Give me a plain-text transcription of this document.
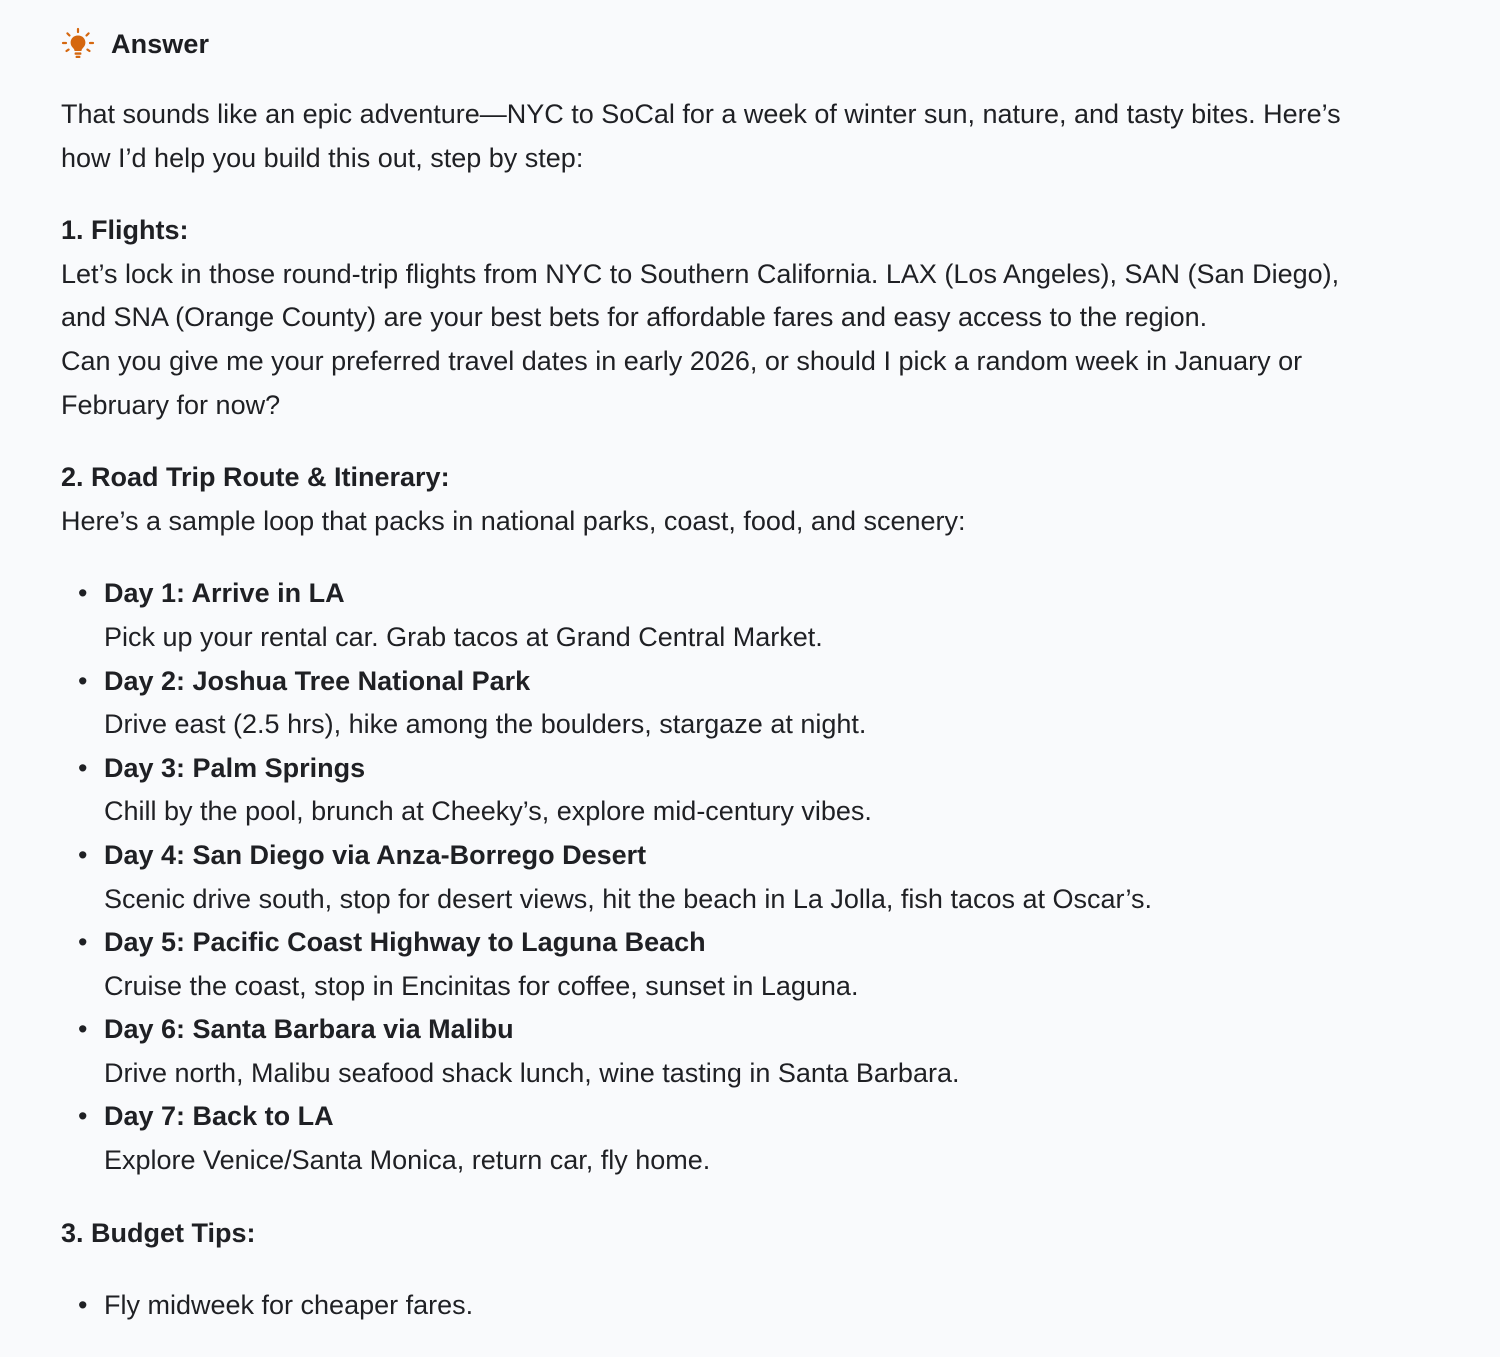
Answer

That sounds like an epic adventure—NYC to SoCal for a week of winter sun, nature, and tasty bites. Here’s
how I’d help you build this out, step by step:

1. Flights:
Let’s lock in those round-trip flights from NYC to Southern California. LAX (Los Angeles), SAN (San Diego),
and SNA (Orange County) are your best bets for affordable fares and easy access to the region.
Can you give me your preferred travel dates in early 2026, or should I pick a random week in January or
February for now?
2. Road Trip Route & Itinerary:
Here’s a sample loop that packs in national parks, coast, food, and scenery:
• Day 1: Arrive in LA
Pick up your rental car. Grab tacos at Grand Central Market.
• Day 2: Joshua Tree National Park
Drive east (2.5 hrs), hike among the boulders, stargaze at night.
• Day 3: Palm Springs
Chill by the pool, brunch at Cheeky’s, explore mid-century vibes.
• Day 4: San Diego via Anza-Borrego Desert
Scenic drive south, stop for desert views, hit the beach in La Jolla, fish tacos at Oscar’s.
• Day 5: Pacific Coast Highway to Laguna Beach
Cruise the coast, stop in Encinitas for coffee, sunset in Laguna.
• Day 6: Santa Barbara via Malibu
Drive north, Malibu seafood shack lunch, wine tasting in Santa Barbara.
• Day 7: Back to LA
Explore Venice/Santa Monica, return car, fly home.
3. Budget Tips:
• Fly midweek for cheaper fares.
